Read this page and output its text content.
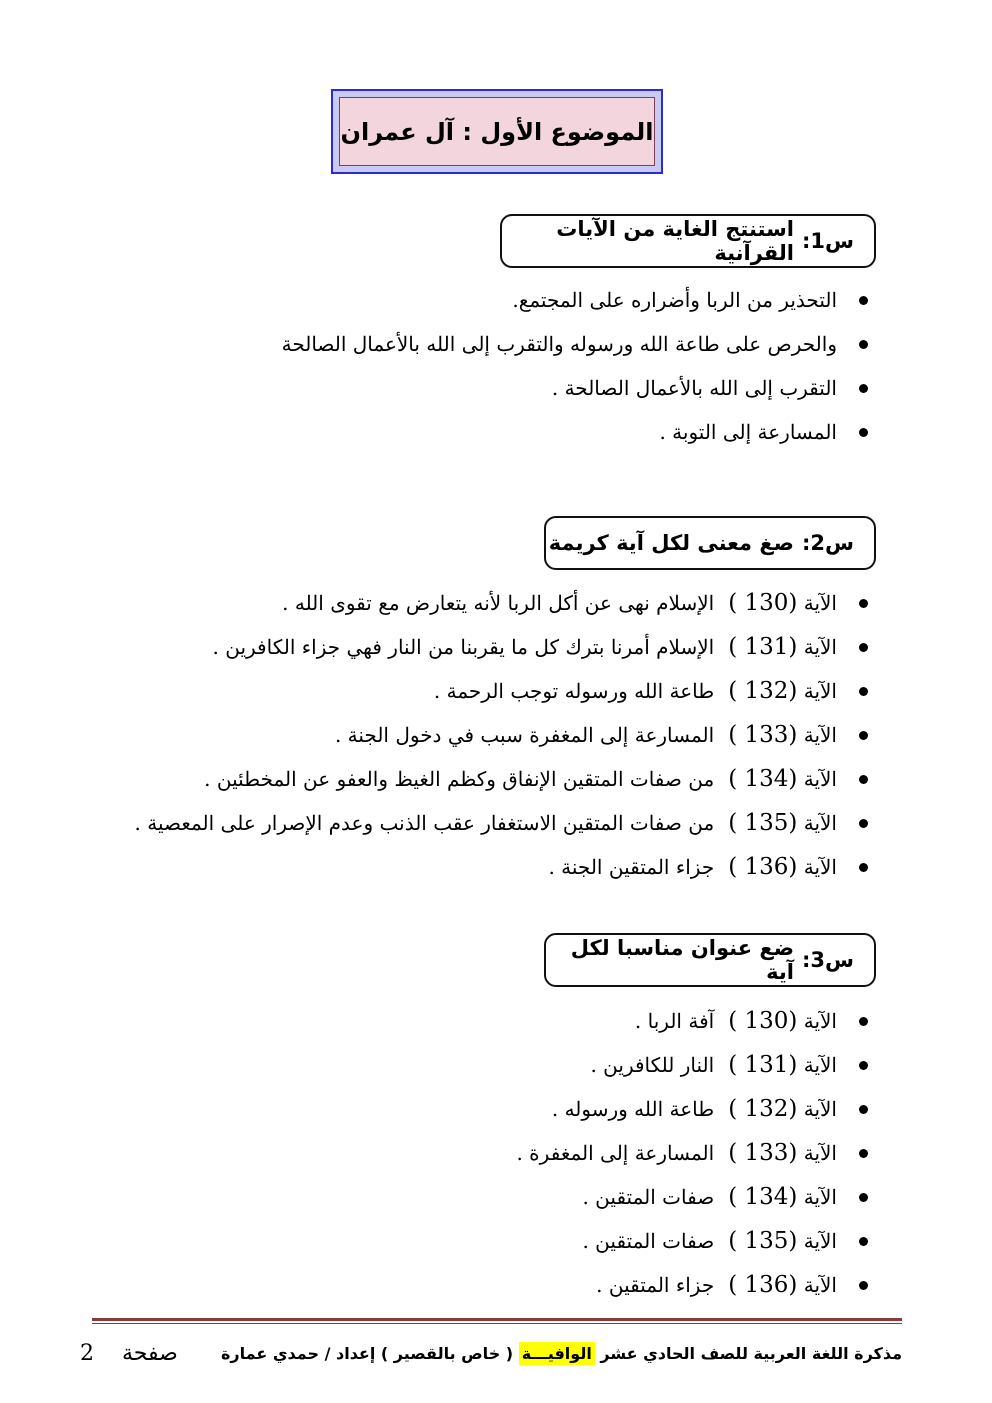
الموضوع الأول : آل عمران
س1:
استنتج الغاية من الآيات القرآنية
التحذير من الربا وأضراره على المجتمع.
والحرص على طاعة الله ورسوله والتقرب إلى الله بالأعمال الصالحة
التقرب إلى الله بالأعمال الصالحة .
المسارعة إلى التوبة .
س2:
صغ معنى لكل آية كريمة
الآية (130 )
الإسلام نهى عن أكل الربا لأنه يتعارض مع تقوى الله .
الآية (131 )
الإسلام أمرنا بترك كل ما يقربنا من النار فهي جزاء الكافرين .
الآية (132 )
طاعة الله ورسوله توجب الرحمة .
الآية (133 )
المسارعة إلى المغفرة سبب في دخول الجنة .
الآية (134 )
من صفات المتقين الإنفاق وكظم الغيظ والعفو عن المخطئين .
الآية (135 )
من صفات المتقين الاستغفار عقب الذنب وعدم الإصرار على المعصية .
الآية (136 )
جزاء المتقين الجنة .
س3:
ضع عنوان مناسبا لكل آية
الآية (130 )
آفة الربا .
الآية (131 )
النار للكافرين .
الآية (132 )
طاعة الله ورسوله .
الآية (133 )
المسارعة إلى المغفرة .
الآية (134 )
صفات المتقين .
الآية (135 )
صفات المتقين .
الآية (136 )
جزاء المتقين .
مذكرة اللغة العربية للصف الحادي عشر الوافيـــة ( خاص بالقصير ) إعداد / حمدي عمارة
صفحة    2
